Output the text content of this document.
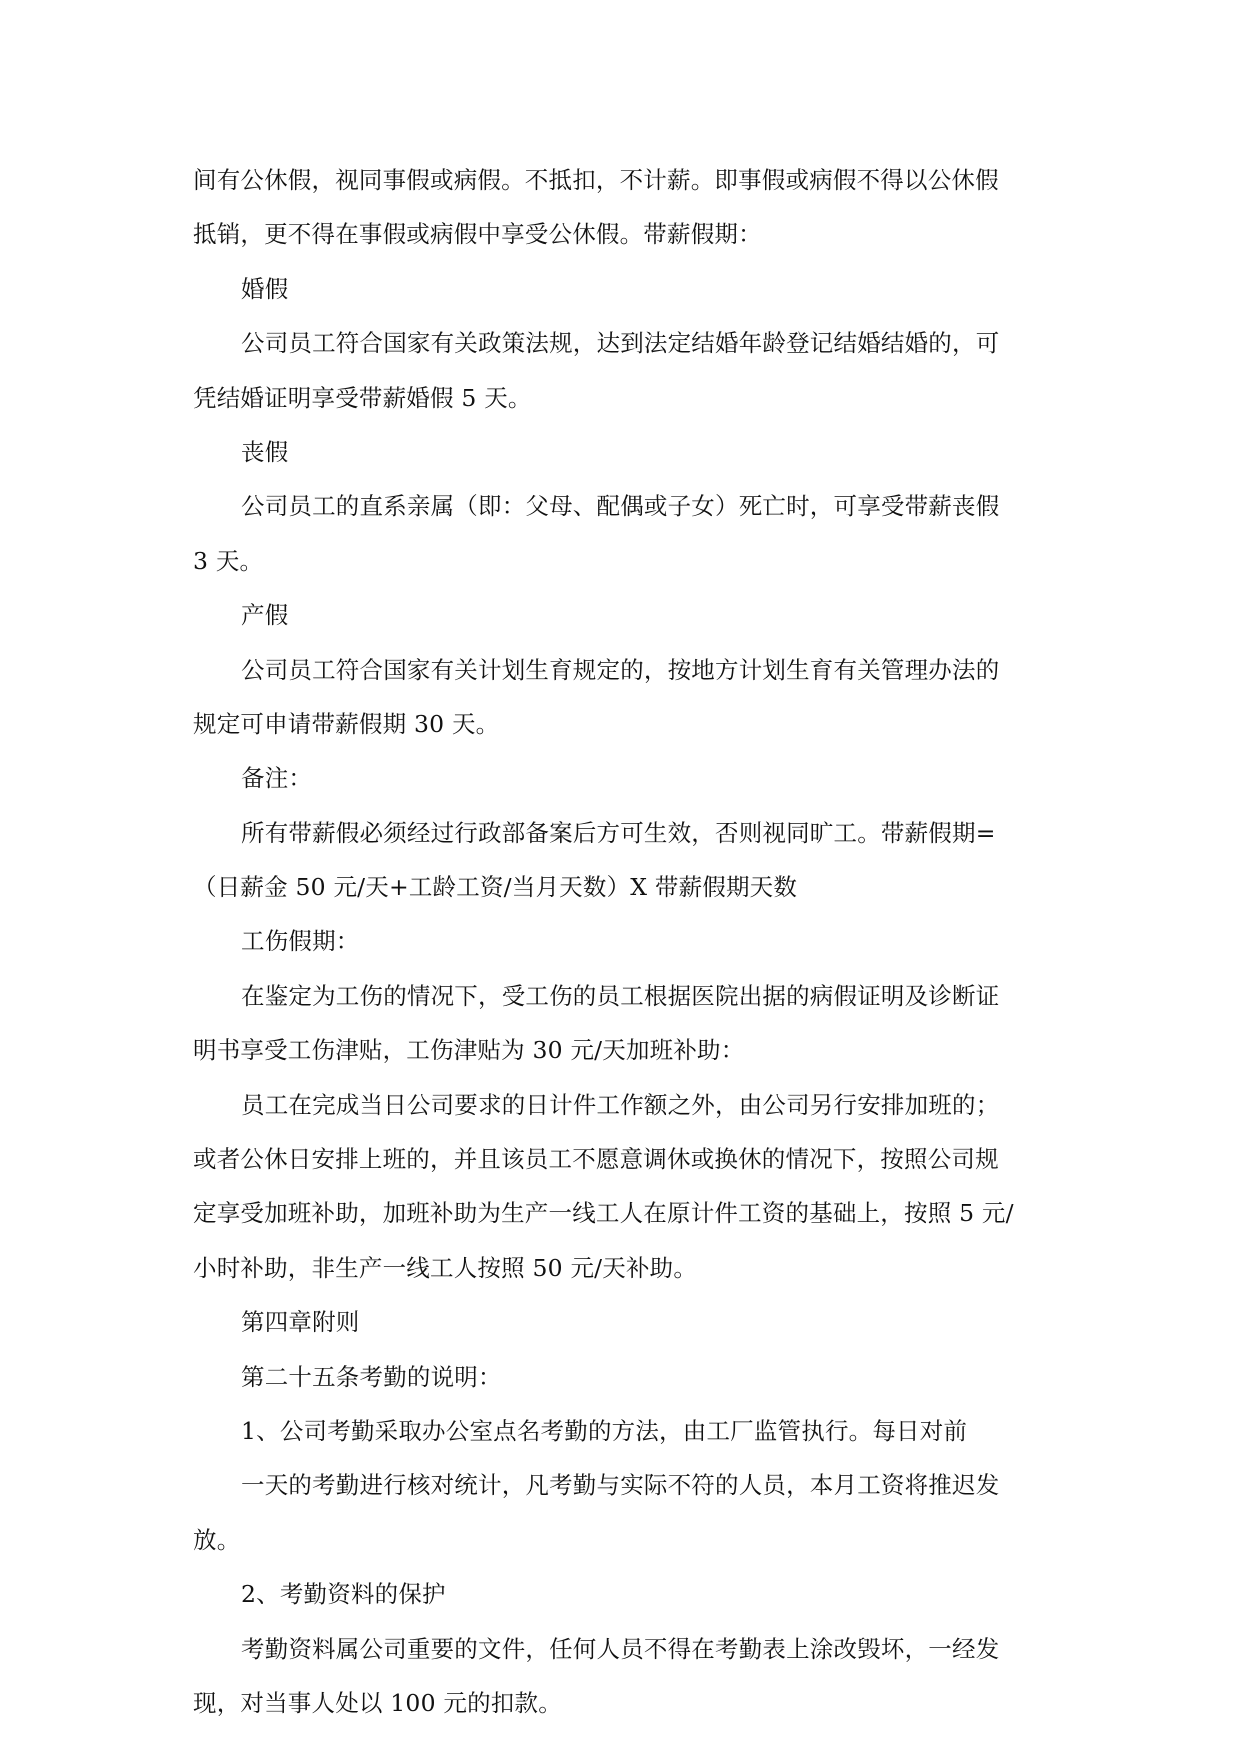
间有公休假，视同事假或病假。不抵扣，不计薪。即事假或病假不得以公休假
抵销，更不得在事假或病假中享受公休假。带薪假期：
婚假
公司员工符合国家有关政策法规，达到法定结婚年龄登记结婚结婚的，可
凭结婚证明享受带薪婚假 5 天。
丧假
公司员工的直系亲属（即：父母、配偶或子女）死亡时，可享受带薪丧假
3 天。
产假
公司员工符合国家有关计划生育规定的，按地方计划生育有关管理办法的
规定可申请带薪假期 30 天。
备注：
所有带薪假必须经过行政部备案后方可生效，否则视同旷工。带薪假期=
（日薪金 50 元/天+工龄工资/当月天数）X 带薪假期天数
工伤假期：
在鉴定为工伤的情况下，受工伤的员工根据医院出据的病假证明及诊断证
明书享受工伤津贴，工伤津贴为 30 元/天加班补助：
员工在完成当日公司要求的日计件工作额之外，由公司另行安排加班的；
或者公休日安排上班的，并且该员工不愿意调休或换休的情况下，按照公司规
定享受加班补助，加班补助为生产一线工人在原计件工资的基础上，按照 5 元/
小时补助，非生产一线工人按照 50 元/天补助。
第四章附则
第二十五条考勤的说明：
1、公司考勤采取办公室点名考勤的方法，由工厂监管执行。每日对前
一天的考勤进行核对统计，凡考勤与实际不符的人员，本月工资将推迟发
放。
2、考勤资料的保护
考勤资料属公司重要的文件，任何人员不得在考勤表上涂改毁坏，一经发
现，对当事人处以 100 元的扣款。
